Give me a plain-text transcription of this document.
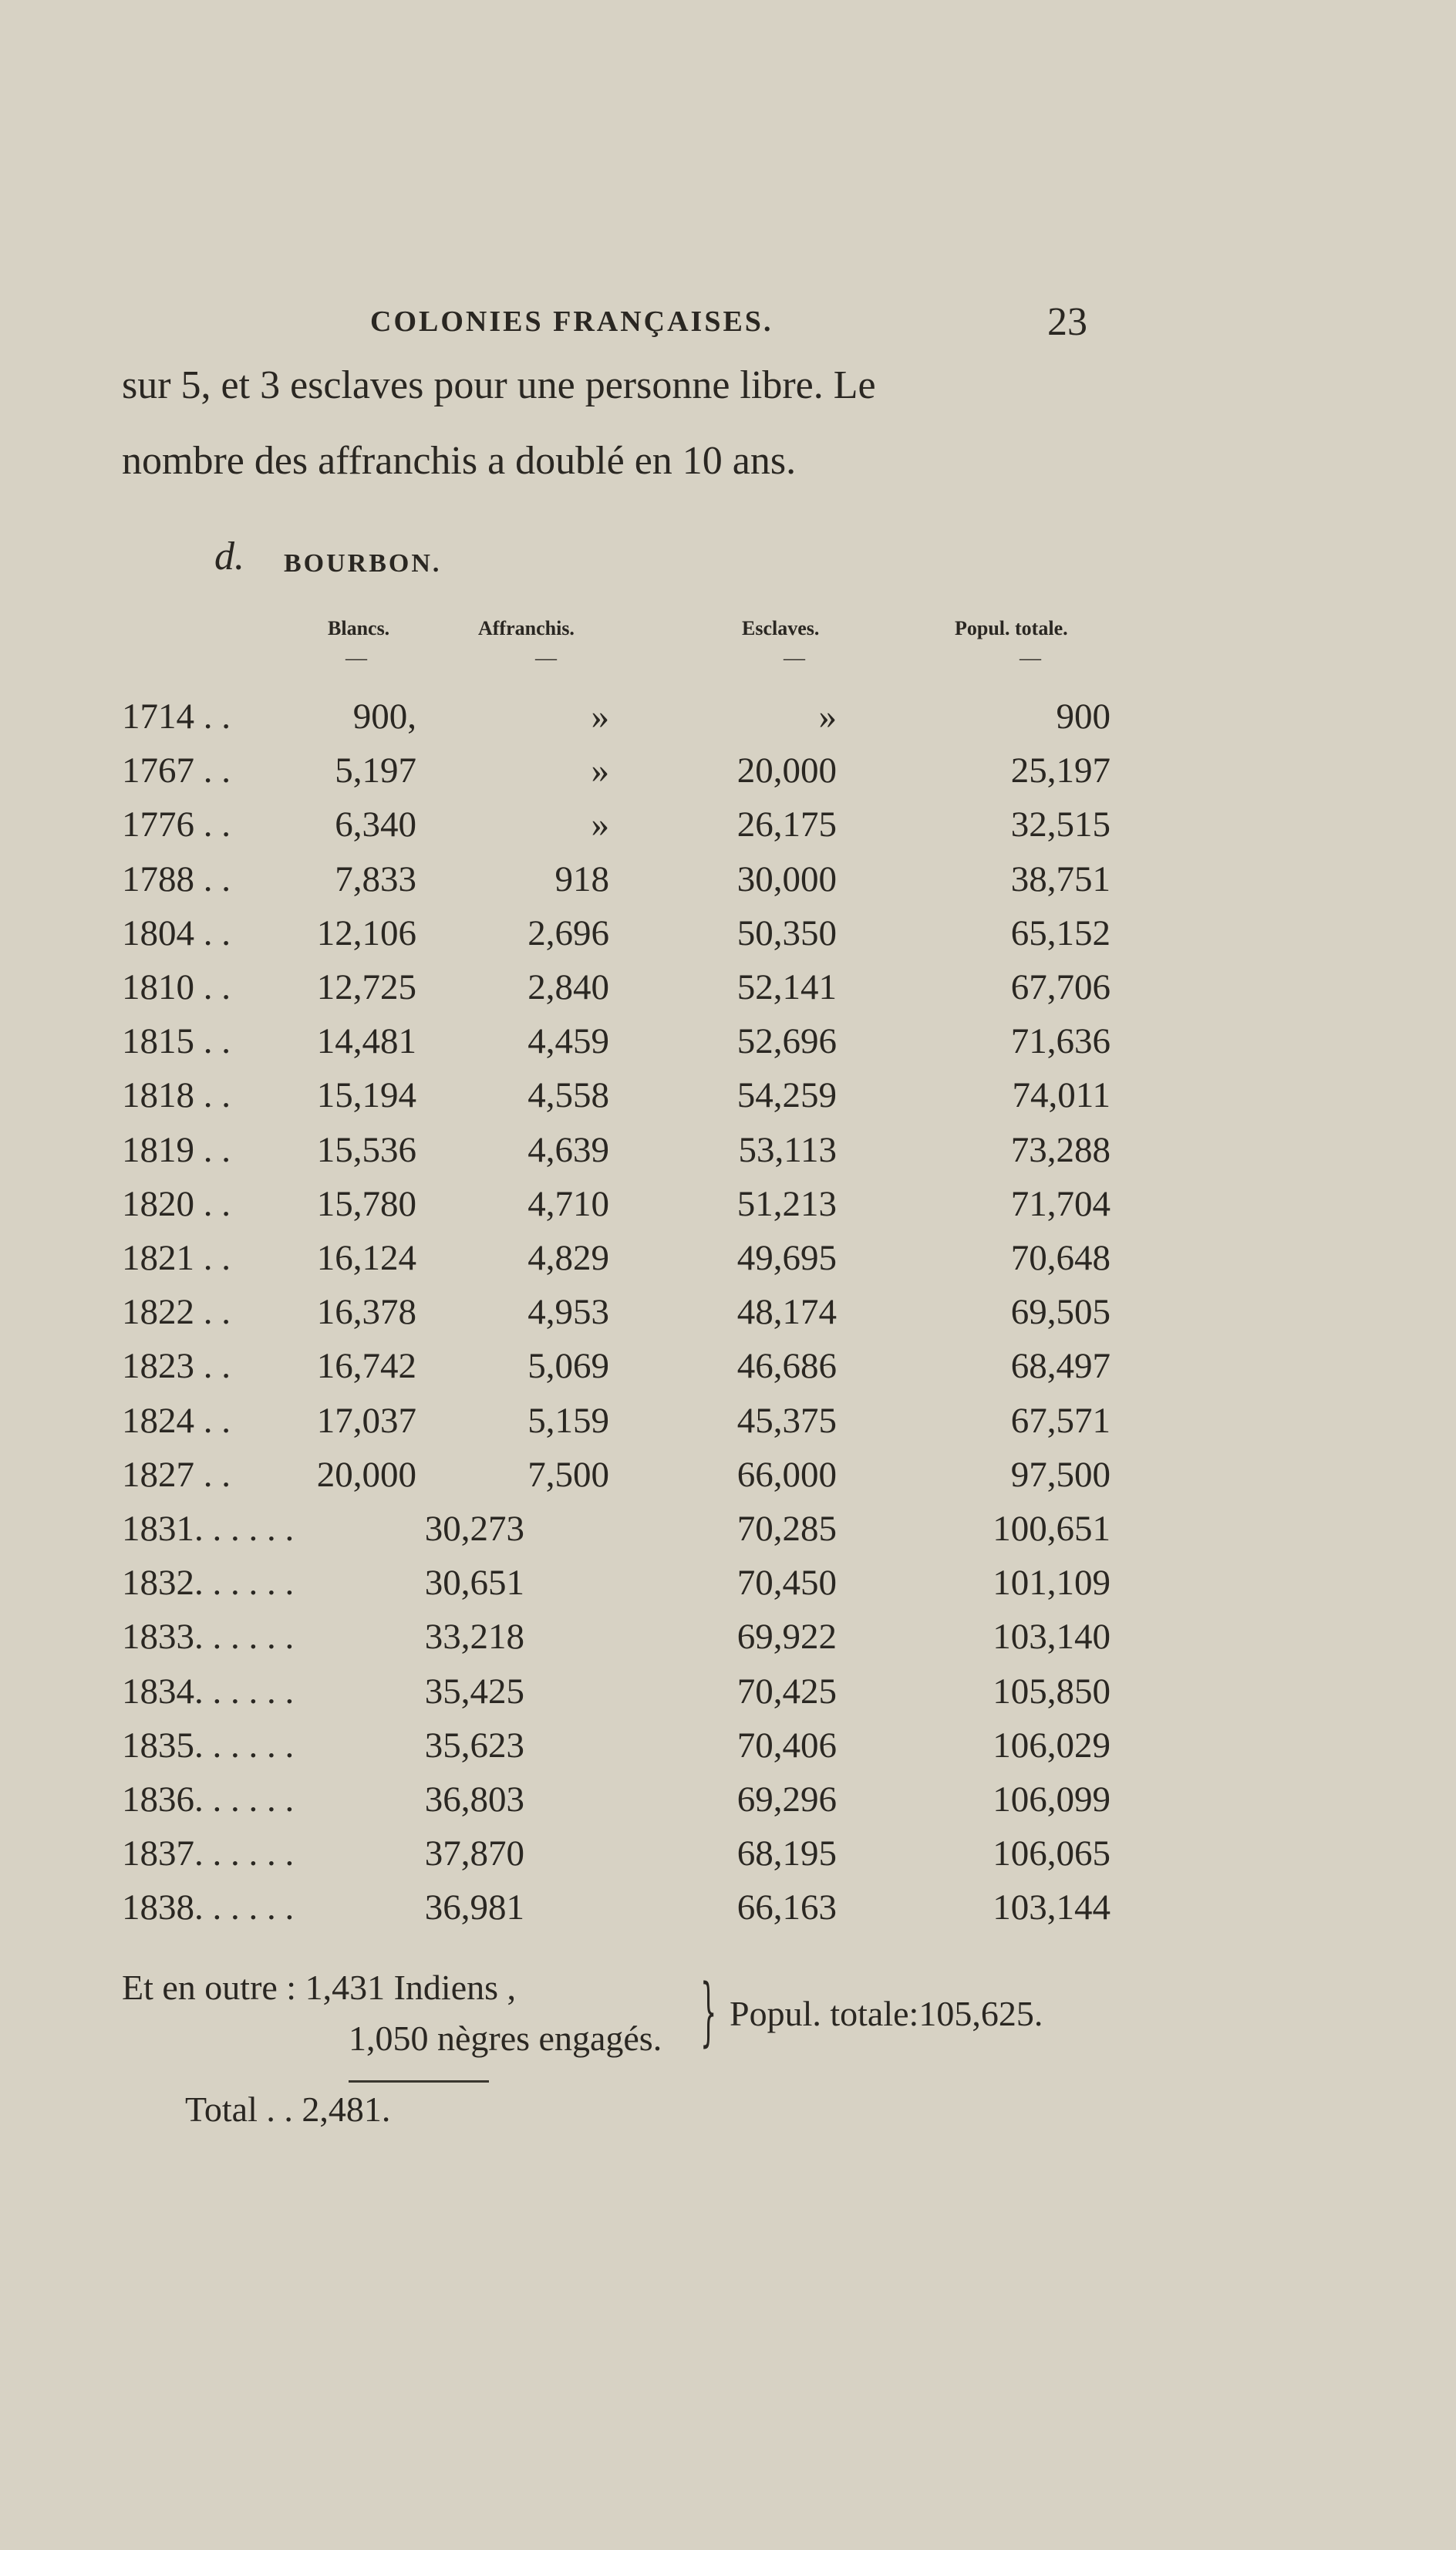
COLONIES FRANÇAISES.	23
sur 5, et 3 esclaves pour une personne libre. Le
nombre des affranchis a doublé en 10 ans.
d. BOURBON.
Blancs.	Affranchis.	Esclaves.	Popul. totale.
—	—	—	—
1714 . .	900,	»	»	900
1767 . .	5,197	»	20,000	25,197
1776 . .	6,340	»	26,175	32,515
1788 . .	7,833	918	30,000	38,751
1804 . . 12,106	2,696	50,350	65,152
1810 . . 12,725	2,840	52,141	67,706
1815 . . 14,481	4,459	52,696	71,636
1818 . . 15,194	4,558	54,259	74,011
1819 . . 15,536	4,639	53,113	73,288
1820 . . 15,780	4,710	51,213	71,704
1821 . . 16,124	4,829	49,695	70,648
1822 . . 16,378	4,953	48,174	69,505
1823 . . 16,742	5,069	46,686	68,497
1824 . . 17,037	5,159	45,375	67,571
1827 . . 20,000	7,500	66,000	97,500
1831. . . . . .	30,273	70,285	100,651
1832. . . . . .	30,651	70,450	101,109
1833. . . . . .	33,218	69,922	103,140
1834. . . . . .	35,425	70,425	105,850
1835. . . . . .	35,623	70,406	106,029
1836. . . . . .	36,803	69,296	106,099
1837. . . . . .	37,870	68,195	106,065
1838. . . . . .	36,981	66,163	103,144
Et en outre : 1,431 Indiens ,
1,050 nègres engagés. } Popul. totale:105,625.
Total . . 2,481.
